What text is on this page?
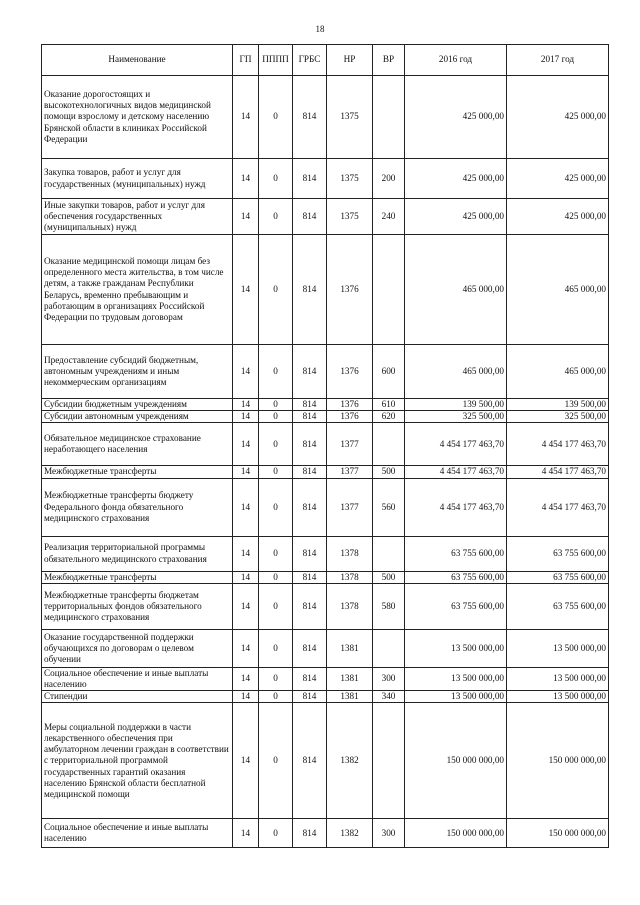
18
Наименование	ГП	ПППП	ГРБС	НР	ВР	2016 год	2017 год
Оказание дорогостоящих и высокотехнологичных видов медицинской помощи взрослому и детскому населению Брянской области в клиниках Российской Федерации	14	0	814	1375		425 000,00	425 000,00
Закупка товаров, работ и услуг для государственных (муниципальных) нужд	14	0	814	1375	200	425 000,00	425 000,00
Иные закупки товаров, работ и услуг для обеспечения государственных (муниципальных) нужд	14	0	814	1375	240	425 000,00	425 000,00
Оказание медицинской помощи лицам без определенного места жительства, в том числе детям, а также гражданам Республики Беларусь, временно пребывающим и работающим в организациях Российской Федерации по трудовым договорам	14	0	814	1376		465 000,00	465 000,00
Предоставление субсидий бюджетным, автономным учреждениям и иным некоммерческим организациям	14	0	814	1376	600	465 000,00	465 000,00
Субсидии бюджетным учреждениям	14	0	814	1376	610	139 500,00	139 500,00
Субсидии автономным учреждениям	14	0	814	1376	620	325 500,00	325 500,00
Обязательное медицинское страхование неработающего населения	14	0	814	1377		4 454 177 463,70	4 454 177 463,70
Межбюджетные трансферты	14	0	814	1377	500	4 454 177 463,70	4 454 177 463,70
Межбюджетные трансферты бюджету Федерального фонда обязательного медицинского страхования	14	0	814	1377	560	4 454 177 463,70	4 454 177 463,70
Реализация территориальной программы обязательного медицинского страхования	14	0	814	1378		63 755 600,00	63 755 600,00
Межбюджетные трансферты	14	0	814	1378	500	63 755 600,00	63 755 600,00
Межбюджетные трансферты бюджетам территориальных фондов обязательного медицинского страхования	14	0	814	1378	580	63 755 600,00	63 755 600,00
Оказание государственной поддержки обучающихся по договорам о целевом обучении	14	0	814	1381		13 500 000,00	13 500 000,00
Социальное обеспечение и иные выплаты населению	14	0	814	1381	300	13 500 000,00	13 500 000,00
Стипендии	14	0	814	1381	340	13 500 000,00	13 500 000,00
Меры социальной поддержки в части лекарственного обеспечения при амбулаторном лечении граждан в соответствии с территориальной программой государственных гарантий оказания населению Брянской области бесплатной медицинской помощи	14	0	814	1382		150 000 000,00	150 000 000,00
Социальное обеспечение и иные выплаты населению	14	0	814	1382	300	150 000 000,00	150 000 000,00
